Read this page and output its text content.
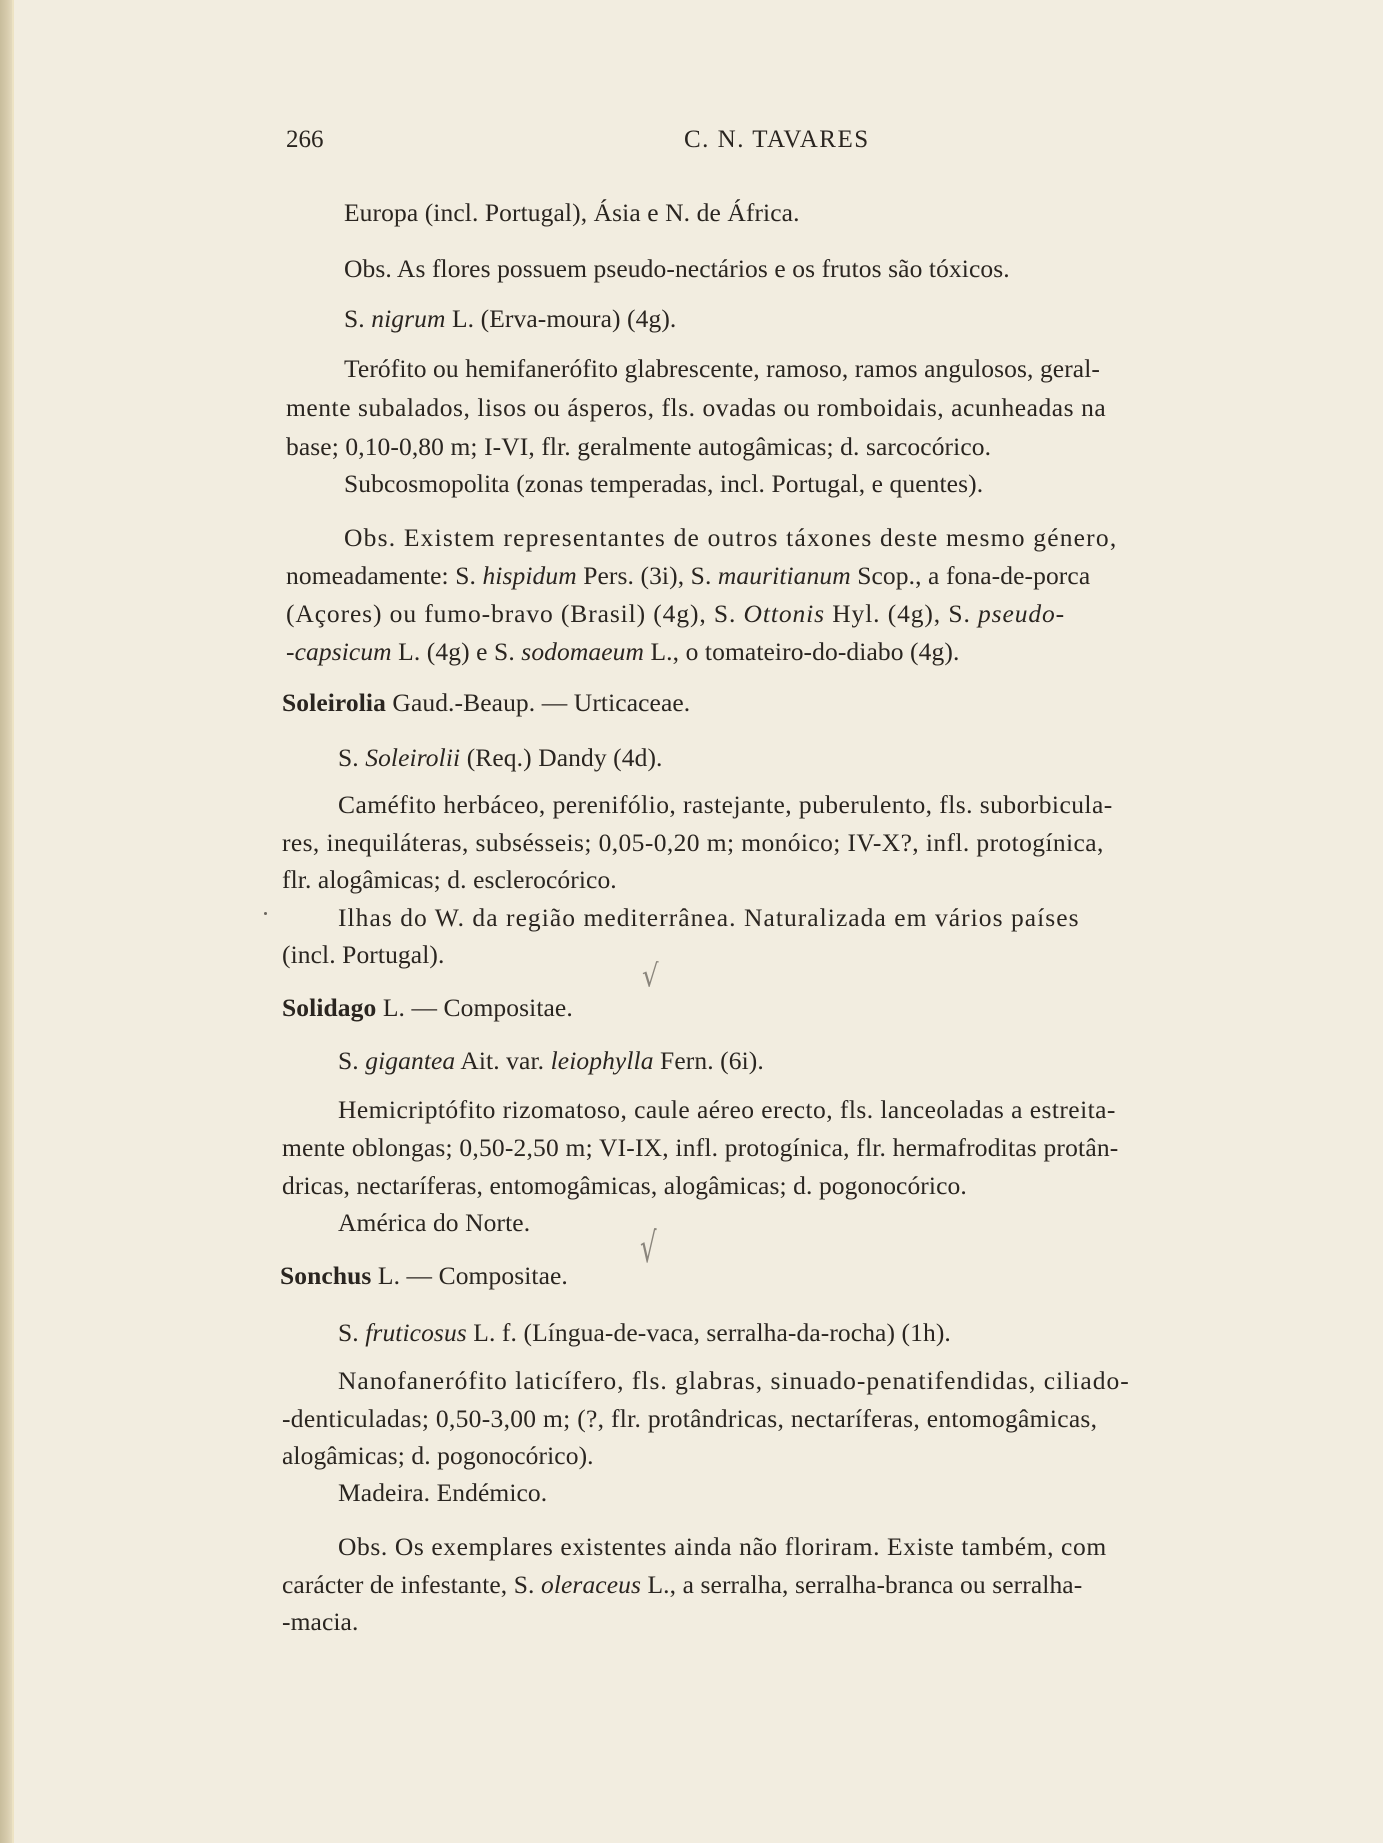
266	C. N. TAVARES
Europa (incl. Portugal), Ásia e N. de África.
Obs. As flores possuem pseudo-nectários e os frutos são tóxicos.
S. nigrum L. (Erva-moura) (4g).
Terófito ou hemifanerófito glabrescente, ramoso, ramos angulosos, geral-
mente subalados, lisos ou ásperos, fls. ovadas ou romboidais, acunheadas na
base; 0,10-0,80 m; I-VI, flr. geralmente autogâmicas; d. sarcocórico.
Subcosmopolita (zonas temperadas, incl. Portugal, e quentes).
Obs. Existem representantes de outros táxones deste mesmo género,
nomeadamente: S. hispidum Pers. (3i), S. mauritianum Scop., a fona-de-porca
(Açores) ou fumo-bravo (Brasil) (4g), S. Ottonis Hyl. (4g), S. pseudo-
-capsicum L. (4g) e S. sodomaeum L., o tomateiro-do-diabo (4g).
Soleirolia Gaud.-Beaup. — Urticaceae.
S. Soleirolii (Req.) Dandy (4d).
Caméfito herbáceo, perenifólio, rastejante, puberulento, fls. suborbicula-
res, inequiláteras, subsésseis; 0,05-0,20 m; monóico; IV-X?, infl. protogínica,
flr. alogâmicas; d. esclerocórico.
Ilhas do W. da região mediterrânea. Naturalizada em vários países
(incl. Portugal).
Solidago L. — Compositae.
√
S. gigantea Ait. var. leiophylla Fern. (6i).
Hemicriptófito rizomatoso, caule aéreo erecto, fls. lanceoladas a estreita-
mente oblongas; 0,50-2,50 m; VI-IX, infl. protogínica, flr. hermafroditas protân-
dricas, nectaríferas, entomogâmicas, alogâmicas; d. pogonocórico.
América do Norte.
Sonchus L. — Compositae.
√
S. fruticosus L. f. (Língua-de-vaca, serralha-da-rocha) (1h).
Nanofanerófito laticífero, fls. glabras, sinuado-penatifendidas, ciliado-
-denticuladas; 0,50-3,00 m; (?, flr. protândricas, nectaríferas, entomogâmicas,
alogâmicas; d. pogonocórico).
Madeira. Endémico.
Obs. Os exemplares existentes ainda não floriram. Existe também, com
carácter de infestante, S. oleraceus L., a serralha, serralha-branca ou serralha-
-macia.
